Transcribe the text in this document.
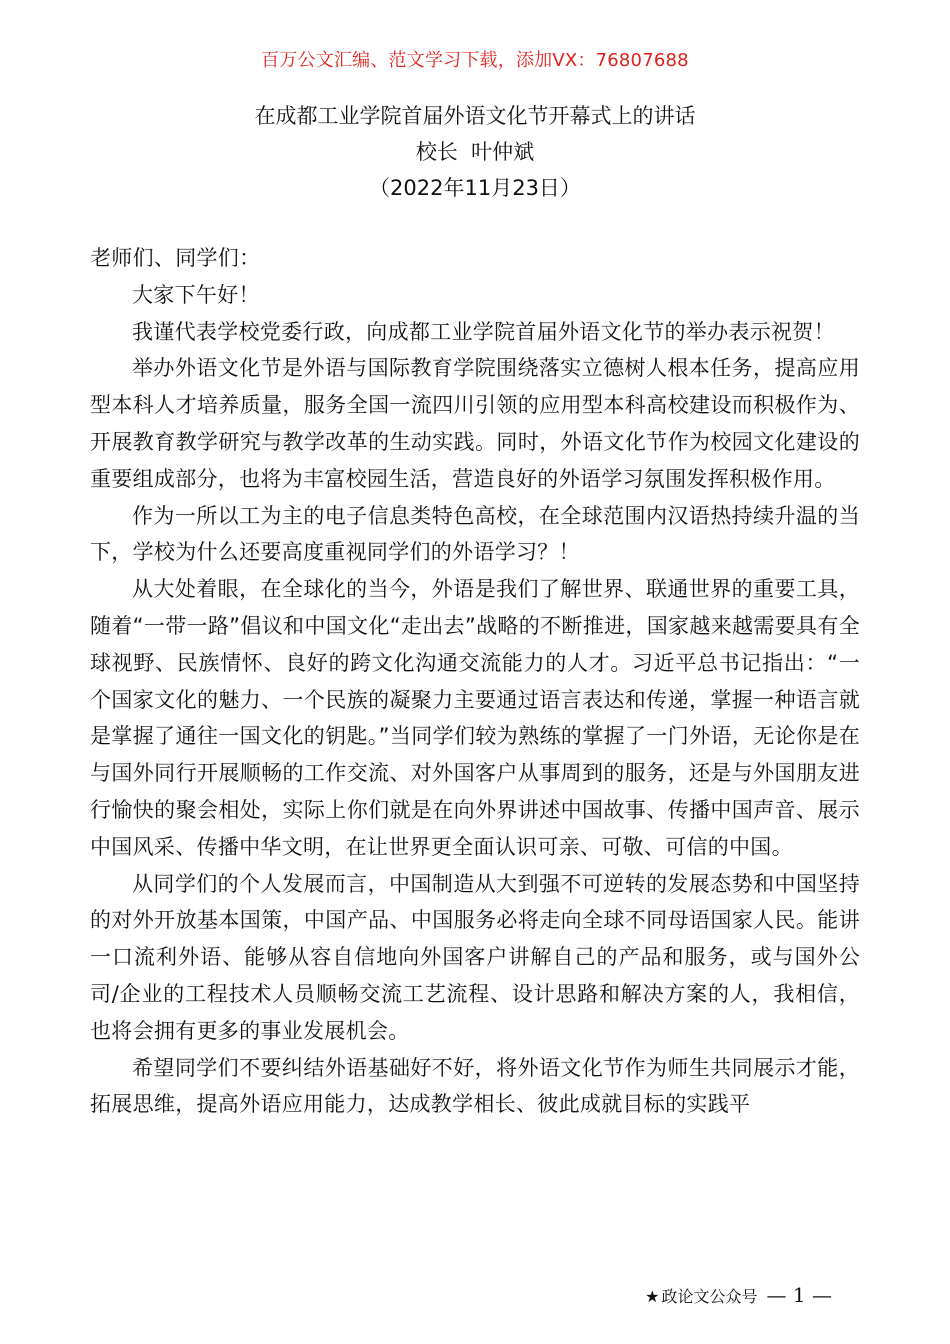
百万公文汇编、范文学习下载，添加VX：76807688
在成都工业学院首届外语文化节开幕式上的讲话
校长  叶仲斌
（2022年11月23日）

老师们、同学们：

大家下午好！

我谨代表学校党委行政，向成都工业学院首届外语文化节的举办表示祝贺！

举办外语文化节是外语与国际教育学院围绕落实立德树人根本任务，提高应用型本科人才培养质量，服务全国一流四川引领的应用型本科高校建设而积极作为、开展教育教学研究与教学改革的生动实践。同时，外语文化节作为校园文化建设的重要组成部分，也将为丰富校园生活，营造良好的外语学习氛围发挥积极作用。

作为一所以工为主的电子信息类特色高校，在全球范围内汉语热持续升温的当下，学校为什么还要高度重视同学们的外语学习？！

从大处着眼，在全球化的当今，外语是我们了解世界、联通世界的重要工具，随着“一带一路”倡议和中国文化“走出去”战略的不断推进，国家越来越需要具有全球视野、民族情怀、良好的跨文化沟通交流能力的人才。习近平总书记指出：“一个国家文化的魅力、一个民族的凝聚力主要通过语言表达和传递，掌握一种语言就是掌握了通往一国文化的钥匙。”当同学们较为熟练的掌握了一门外语，无论你是在与国外同行开展顺畅的工作交流、对外国客户从事周到的服务，还是与外国朋友进行愉快的聚会相处，实际上你们就是在向外界讲述中国故事、传播中国声音、展示中国风采、传播中华文明，在让世界更全面认识可亲、可敬、可信的中国。

从同学们的个人发展而言，中国制造从大到强不可逆转的发展态势和中国坚持的对外开放基本国策，中国产品、中国服务必将走向全球不同母语国家人民。能讲一口流利外语、能够从容自信地向外国客户讲解自己的产品和服务，或与国外公司/企业的工程技术人员顺畅交流工艺流程、设计思路和解决方案的人，我相信，也将会拥有更多的事业发展机会。

希望同学们不要纠结外语基础好不好，将外语文化节作为师生共同展示才能，拓展思维，提高外语应用能力，达成教学相长、彼此成就目标的实践平

★ 政论文公众号 — 1 —
